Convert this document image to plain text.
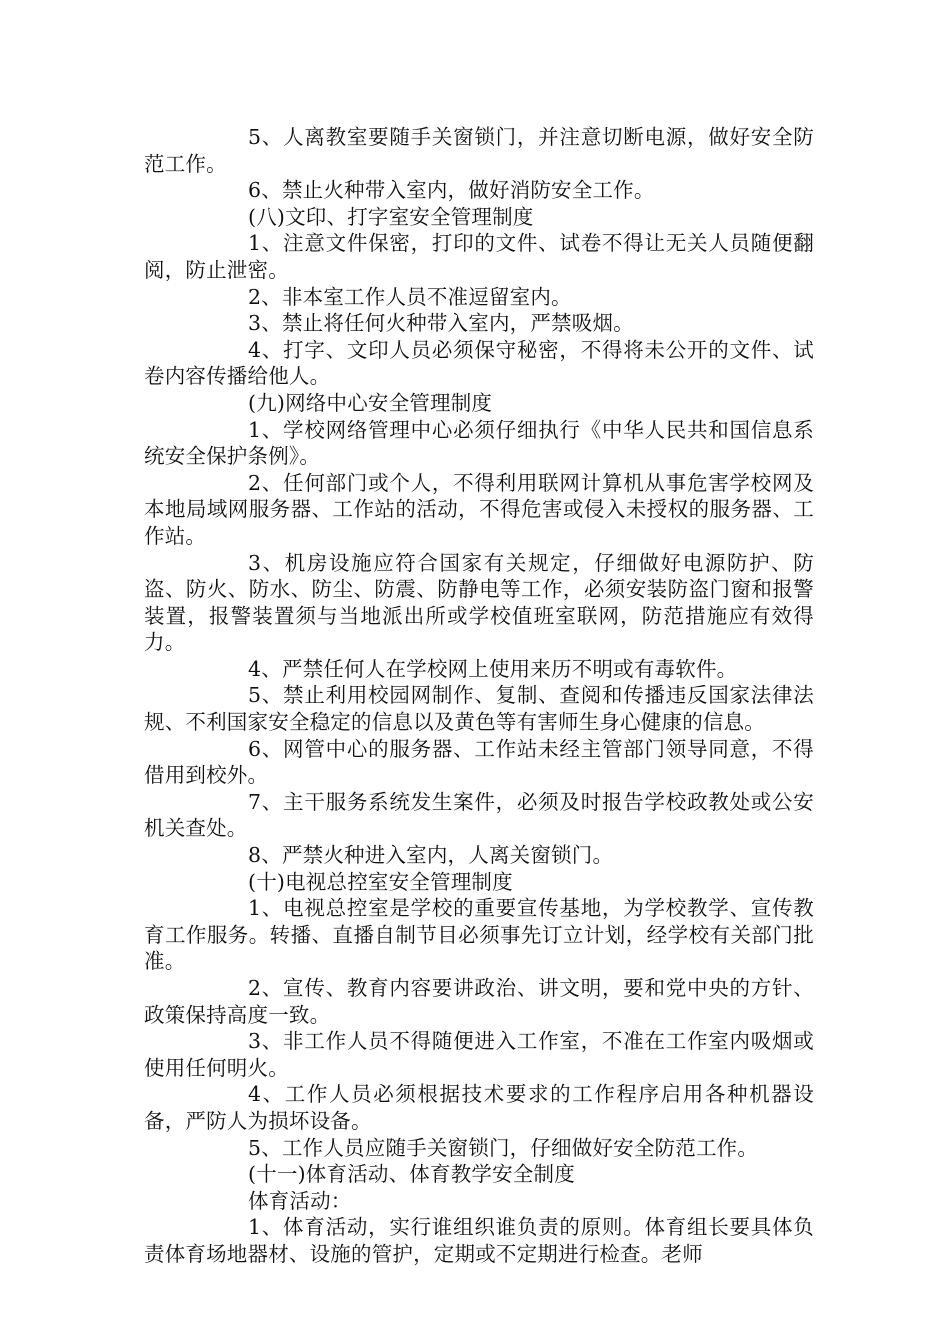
5、人离教室要随手关窗锁门，并注意切断电源，做好安全防范工作。

6、禁止火种带入室内，做好消防安全工作。

(八)文印、打字室安全管理制度

1、注意文件保密，打印的文件、试卷不得让无关人员随便翻阅，防止泄密。

2、非本室工作人员不准逗留室内。

3、禁止将任何火种带入室内，严禁吸烟。

4、打字、文印人员必须保守秘密，不得将未公开的文件、试卷内容传播给他人。

(九)网络中心安全管理制度

1、学校网络管理中心必须仔细执行《中华人民共和国信息系统安全保护条例》。

2、任何部门或个人，不得利用联网计算机从事危害学校网及本地局域网服务器、工作站的活动，不得危害或侵入未授权的服务器、工作站。

3、机房设施应符合国家有关规定，仔细做好电源防护、防盗、防火、防水、防尘、防震、防静电等工作，必须安装防盗门窗和报警装置，报警装置须与当地派出所或学校值班室联网，防范措施应有效得力。

4、严禁任何人在学校网上使用来历不明或有毒软件。

5、禁止利用校园网制作、复制、查阅和传播违反国家法律法规、不利国家安全稳定的信息以及黄色等有害师生身心健康的信息。

6、网管中心的服务器、工作站未经主管部门领导同意，不得借用到校外。

7、主干服务系统发生案件，必须及时报告学校政教处或公安机关查处。

8、严禁火种进入室内，人离关窗锁门。

(十)电视总控室安全管理制度

1、电视总控室是学校的重要宣传基地，为学校教学、宣传教育工作服务。转播、直播自制节目必须事先订立计划，经学校有关部门批准。

2、宣传、教育内容要讲政治、讲文明，要和党中央的方针、政策保持高度一致。

3、非工作人员不得随便进入工作室，不准在工作室内吸烟或使用任何明火。

4、工作人员必须根据技术要求的工作程序启用各种机器设备，严防人为损坏设备。

5、工作人员应随手关窗锁门，仔细做好安全防范工作。

(十一)体育活动、体育教学安全制度

体育活动：

1、体育活动，实行谁组织谁负责的原则。体育组长要具体负责体育场地器材、设施的管护，定期或不定期进行检查。老师
